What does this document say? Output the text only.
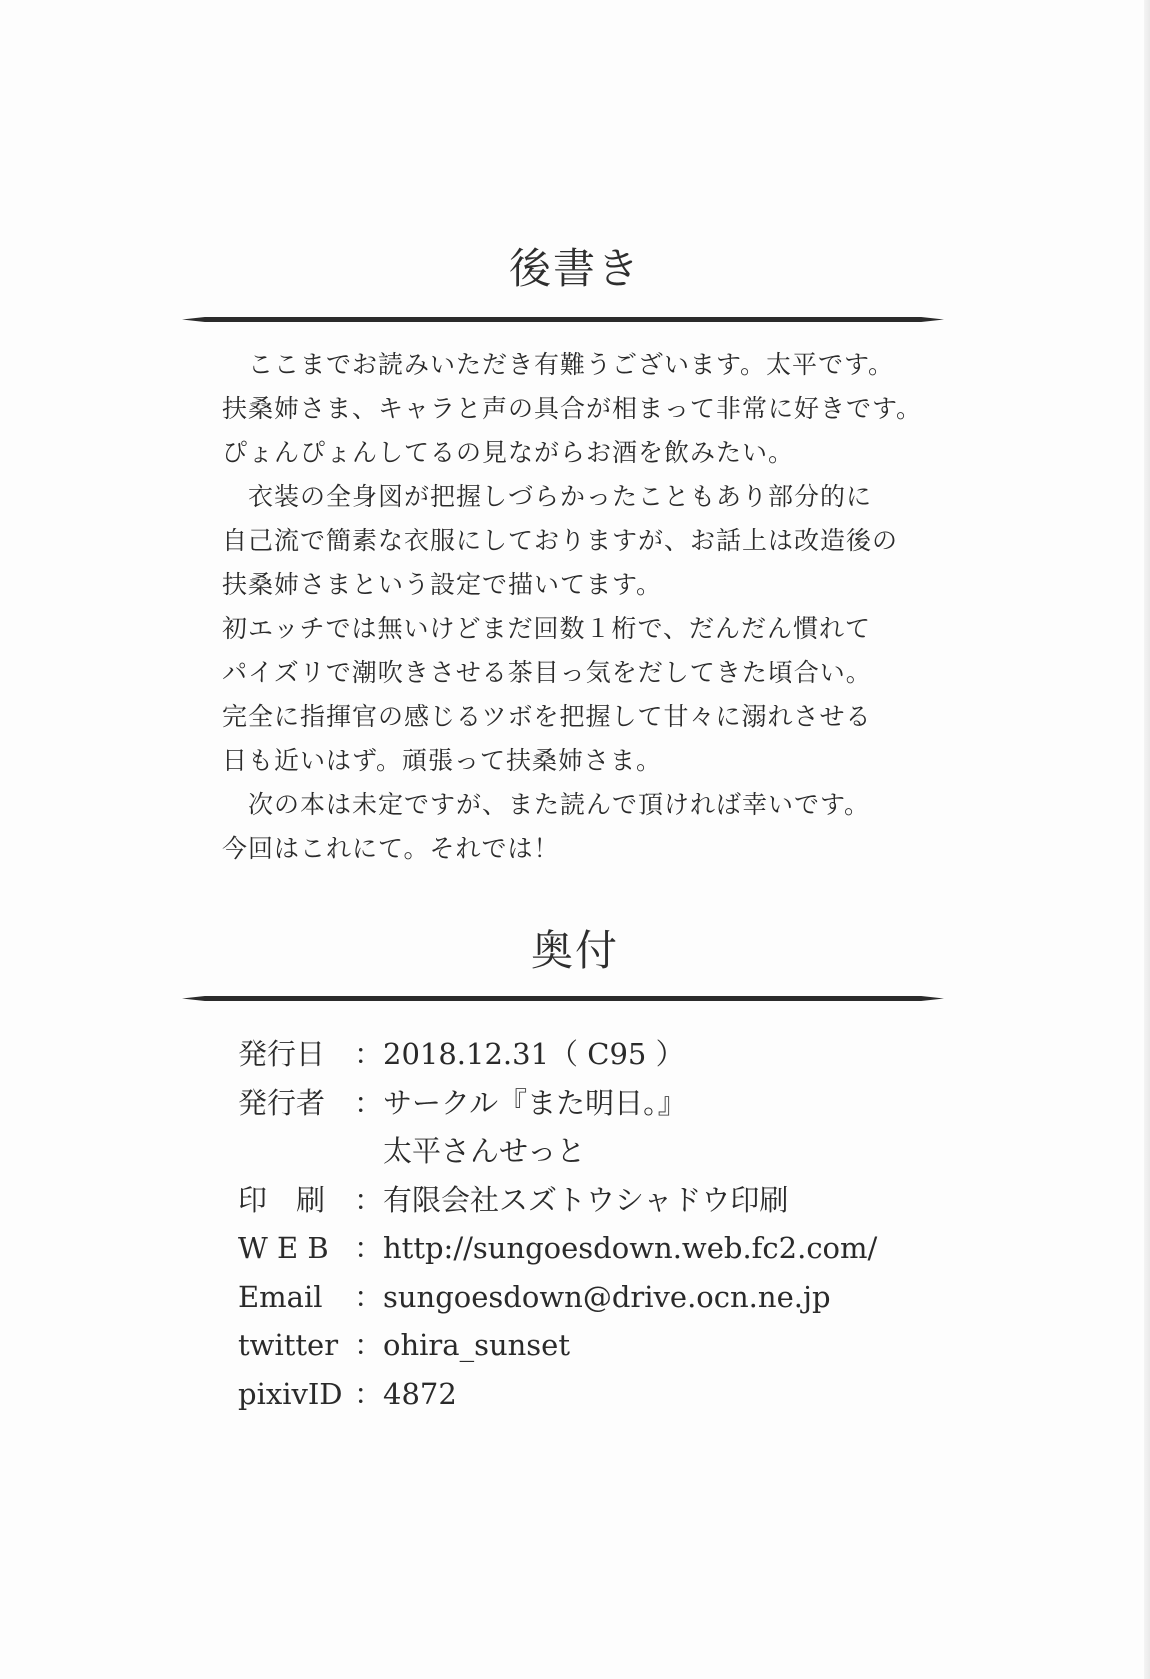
後書き
　ここまでお読みいただき有難うございます。太平です。
扶桑姉さま、キャラと声の具合が相まって非常に好きです。
ぴょんぴょんしてるの見ながらお酒を飲みたい。
　衣装の全身図が把握しづらかったこともあり部分的に
自己流で簡素な衣服にしておりますが、お話上は改造後の
扶桑姉さまという設定で描いてます。
初エッチでは無いけどまだ回数１桁で、だんだん慣れて
パイズリで潮吹きさせる茶目っ気をだしてきた頃合い。
完全に指揮官の感じるツボを把握して甘々に溺れさせる
日も近いはず。頑張って扶桑姉さま。
　次の本は未定ですが、また読んで頂ければ幸いです。
今回はこれにて。それでは！
奥付
発行日 ：2018.12.31（ C95 ）
発行者 ：サークル『また明日。』
　太平さんせっと
印　刷 ：有限会社スズトウシャドウ印刷
W E B ：http://sungoesdown.web.fc2.com/
Email ：sungoesdown@drive.ocn.ne.jp
twitter ：ohira_sunset
pixivID ：4872
